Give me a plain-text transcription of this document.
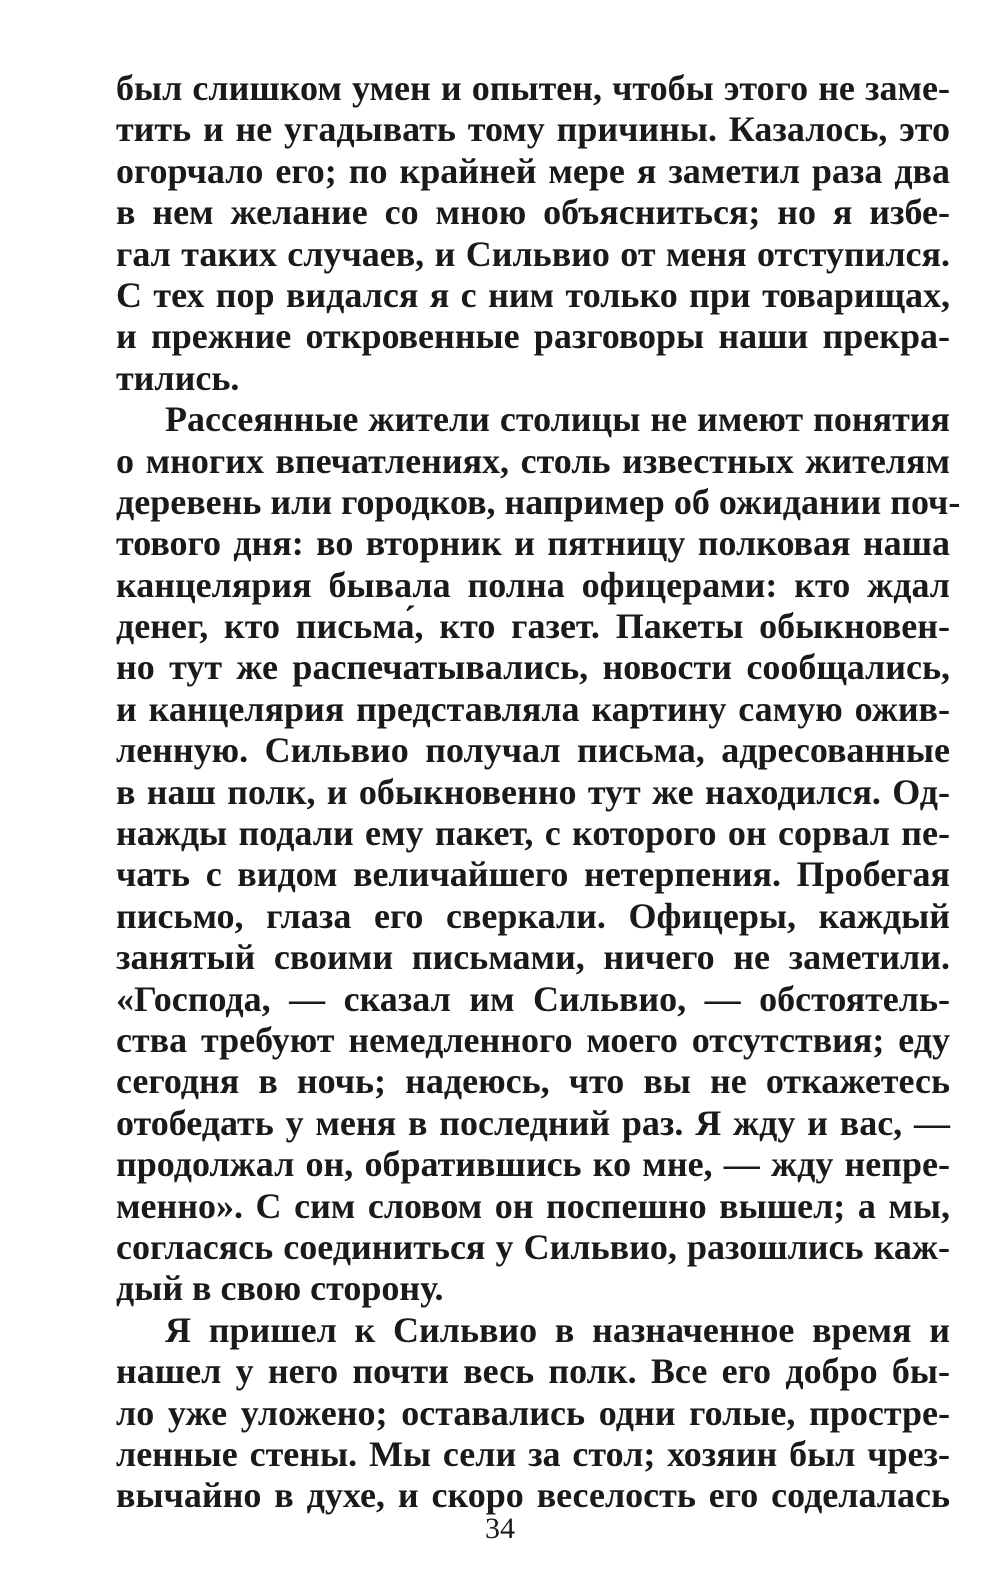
был слишком умен и опытен, чтобы этого не заме-
тить и не угадывать тому причины. Казалось, это
огорчало его; по крайней мере я заметил раза два
в нем желание со мною объясниться; но я избе-
гал таких случаев, и Сильвио от меня отступился.
С тех пор видался я с ним только при товарищах,
и прежние откровенные разговоры наши прекра-
тились.
Рассеянные жители столицы не имеют понятия
о многих впечатлениях, столь известных жителям
деревень или городков, например об ожидании поч-
тового дня: во вторник и пятницу полковая наша
канцелярия бывала полна офицерами: кто ждал
денег, кто письма́, кто газет. Пакеты обыкновен-
но тут же распечатывались, новости сообщались,
и канцелярия представляла картину самую ожив-
ленную. Сильвио получал письма, адресованные
в наш полк, и обыкновенно тут же находился. Од-
нажды подали ему пакет, с которого он сорвал пе-
чать с видом величайшего нетерпения. Пробегая
письмо, глаза его сверкали. Офицеры, каждый
занятый своими письмами, ничего не заметили.
«Господа, — сказал им Сильвио, — обстоятель-
ства требуют немедленного моего отсутствия; еду
сегодня в ночь; надеюсь, что вы не откажетесь
отобедать у меня в последний раз. Я жду и вас, —
продолжал он, обратившись ко мне, — жду непре-
менно». С сим словом он поспешно вышел; а мы,
согласясь соединиться у Сильвио, разошлись каж-
дый в свою сторону.
Я пришел к Сильвио в назначенное время и
нашел у него почти весь полк. Все его добро бы-
ло уже уложено; оставались одни голые, простре-
ленные стены. Мы сели за стол; хозяин был чрез-
вычайно в духе, и скоро веселость его соделалась
34
